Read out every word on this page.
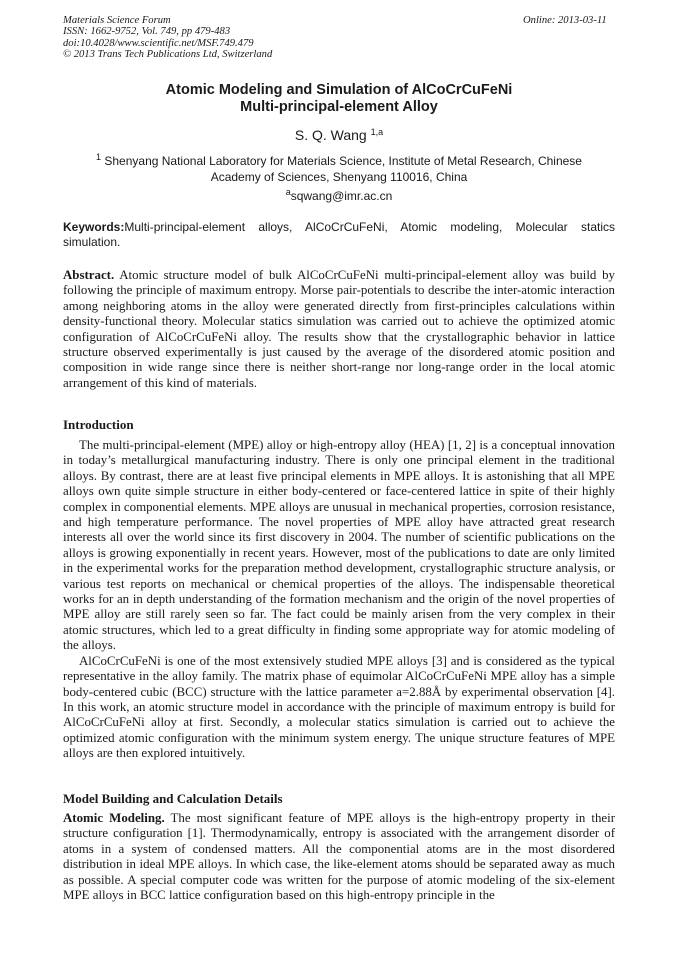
Materials Science Forum
ISSN: 1662-9752, Vol. 749, pp 479-483
doi:10.4028/www.scientific.net/MSF.749.479
© 2013 Trans Tech Publications Ltd, Switzerland
Online: 2013-03-11
Atomic Modeling and Simulation of AlCoCrCuFeNi
Multi-principal-element Alloy
S. Q. Wang $^{1,a}$
$^1$ Shenyang National Laboratory for Materials Science, Institute of Metal Research, Chinese
Academy of Sciences, Shenyang 110016, China
$^a$sqwang@imr.ac.cn
Keywords:Multi-principal-element alloys, AlCoCrCuFeNi, Atomic modeling, Molecular statics simulation.

Abstract. Atomic structure model of bulk AlCoCrCuFeNi multi-principal-element alloy was build by following the principle of maximum entropy. Morse pair-potentials to describe the inter-atomic interaction among neighboring atoms in the alloy were generated directly from first-principles calculations within density-functional theory. Molecular statics simulation was carried out to achieve the optimized atomic configuration of AlCoCrCuFeNi alloy. The results show that the crystallographic behavior in lattice structure observed experimentally is just caused by the average of the disordered atomic position and composition in wide range since there is neither short-range nor long-range order in the local atomic arrangement of this kind of materials.

Introduction

The multi-principal-element (MPE) alloy or high-entropy alloy (HEA) [1, 2] is a conceptual innovation in today’s metallurgical manufacturing industry. There is only one principal element in the traditional alloys. By contrast, there are at least five principal elements in MPE alloys. It is astonishing that all MPE alloys own quite simple structure in either body-centered or face-centered lattice in spite of their highly complex in componential elements. MPE alloys are unusual in mechanical properties, corrosion resistance, and high temperature performance. The novel properties of MPE alloy have attracted great research interests all over the world since its first discovery in 2004. The number of scientific publications on the alloys is growing exponentially in recent years. However, most of the publications to date are only limited in the experimental works for the preparation method development, crystallographic structure analysis, or various test reports on mechanical or chemical properties of the alloys. The indispensable theoretical works for an in depth understanding of the formation mechanism and the origin of the novel properties of MPE alloy are still rarely seen so far. The fact could be mainly arisen from the very complex in their atomic structures, which led to a great difficulty in finding some appropriate way for atomic modeling of the alloys.

AlCoCrCuFeNi is one of the most extensively studied MPE alloys [3] and is considered as the typical representative in the alloy family. The matrix phase of equimolar AlCoCrCuFeNi MPE alloy has a simple body-centered cubic (BCC) structure with the lattice parameter a=2.88Å by experimental observation [4]. In this work, an atomic structure model in accordance with the principle of maximum entropy is build for AlCoCrCuFeNi alloy at first. Secondly, a molecular statics simulation is carried out to achieve the optimized atomic configuration with the minimum system energy. The unique structure features of MPE alloys are then explored intuitively.

Model Building and Calculation Details

Atomic Modeling. The most significant feature of MPE alloys is the high-entropy property in their structure configuration [1]. Thermodynamically, entropy is associated with the arrangement disorder of atoms in a system of condensed matters. All the componential atoms are in the most disordered distribution in ideal MPE alloys. In which case, the like-element atoms should be separated away as much as possible. A special computer code was written for the purpose of atomic modeling of the six-element MPE alloys in BCC lattice configuration based on this high-entropy principle in the
